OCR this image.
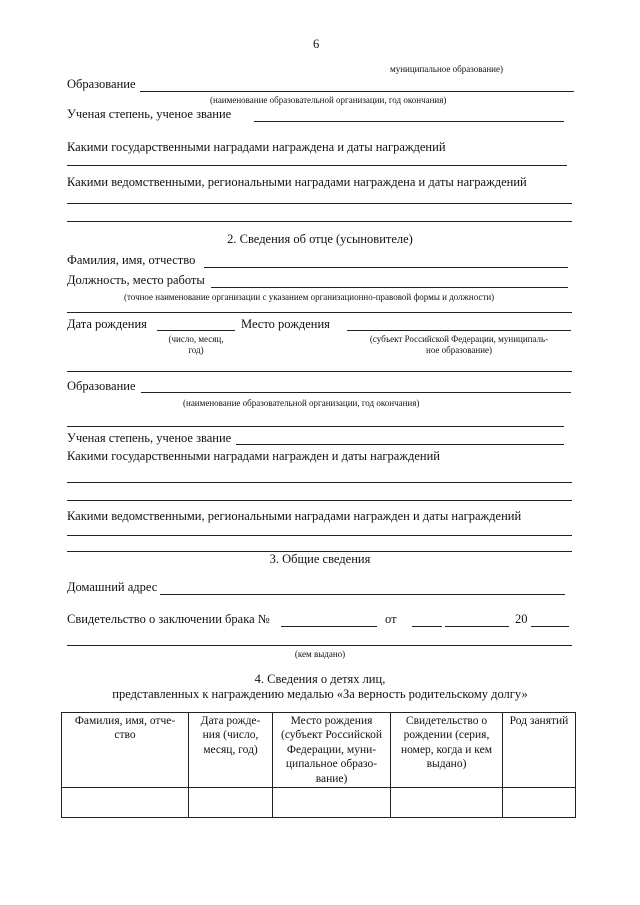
6
муниципальное образование)
Образование
(наименование образовательной организации, год окончания)
Ученая степень, ученое звание
Какими государственными наградами награждена и даты награждений
Какими ведомственными, региональными наградами награждена и даты награждений
2. Сведения об отце (усыновителе)
Фамилия, имя, отчество
Должность, место работы
(точное наименование организации с указанием организационно-правовой формы и должности)
Дата рождения
(число, месяц,
год)
Место рождения
(субъект Российской Федерации, муниципаль-
ное образование)
Образование
(наименование образовательной организации, год окончания)
Ученая степень, ученое звание
Какими государственными наградами награжден и даты награждений
Какими ведомственными, региональными наградами награжден и даты награждений
3. Общие сведения
Домашний адрес
Свидетельство о заключении брака №	от	20
(кем выдано)
4. Сведения о детях лиц,
представленных к награждению медалью «За верность родительскому долгу»
Фамилия, имя, отче-ство	Дата рожде-ния (число, месяц, год)	Место рождения (субъект Российской Федерации, муни-ципальное образо-вание)	Свидетельство о рождении (серия, номер, когда и кем выдано)	Род занятий
